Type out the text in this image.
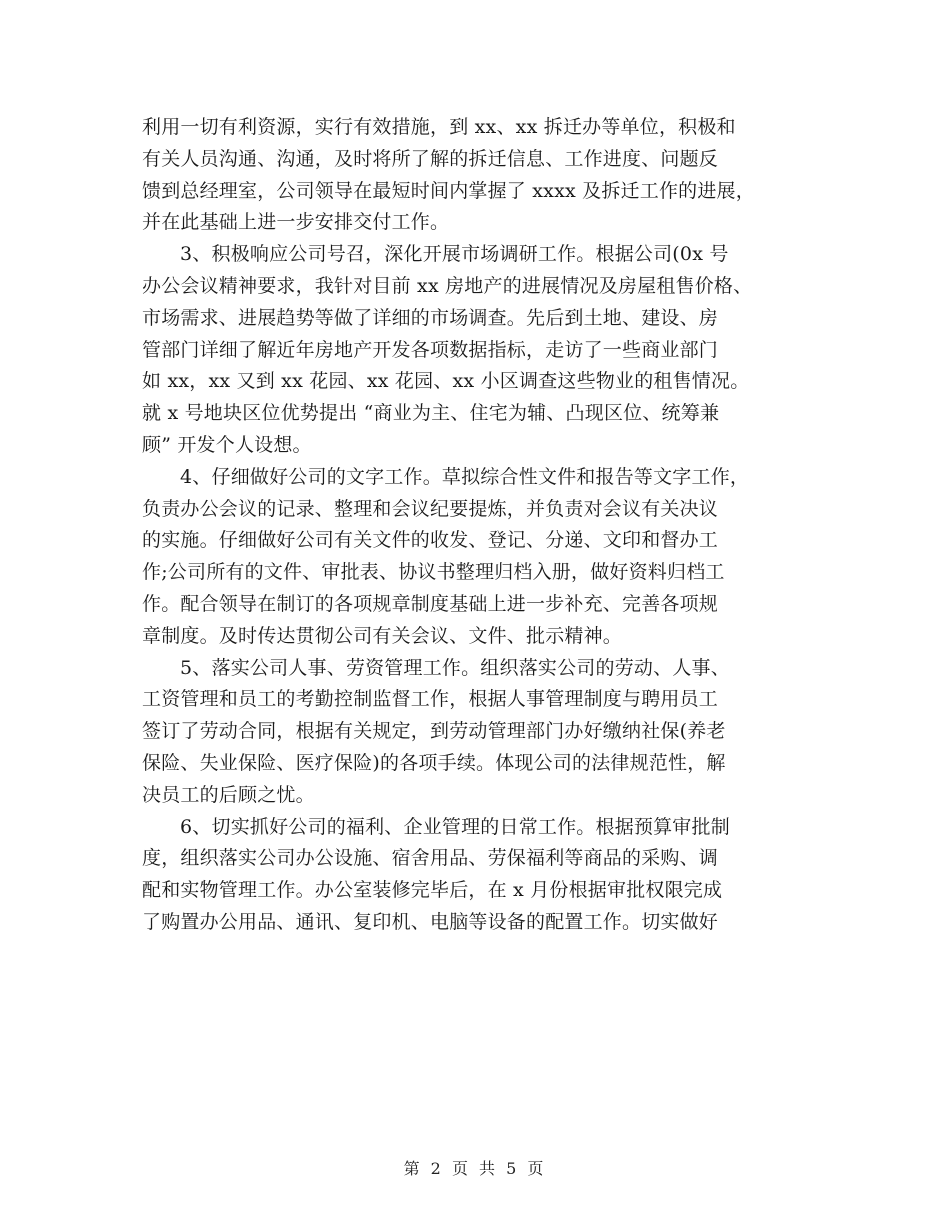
利用一切有利资源，实行有效措施，到 xx、xx 拆迁办等单位，积极和
有关人员沟通、沟通，及时将所了解的拆迁信息、工作进度、问题反
馈到总经理室，公司领导在最短时间内掌握了 xxxx 及拆迁工作的进展，
并在此基础上进一步安排交付工作。
3、积极响应公司号召，深化开展市场调研工作。根据公司(0x 号
办公会议精神要求，我针对目前 xx 房地产的进展情况及房屋租售价格、
市场需求、进展趋势等做了详细的市场调查。先后到土地、建设、房
管部门详细了解近年房地产开发各项数据指标，走访了一些商业部门
如 xx，xx 又到 xx 花园、xx 花园、xx 小区调查这些物业的租售情况。
就 x 号地块区位优势提出 “商业为主、住宅为辅、凸现区位、统筹兼
顾” 开发个人设想。
4、仔细做好公司的文字工作。草拟综合性文件和报告等文字工作，
负责办公会议的记录、整理和会议纪要提炼，并负责对会议有关决议
的实施。仔细做好公司有关文件的收发、登记、分递、文印和督办工
作;公司所有的文件、审批表、协议书整理归档入册，做好资料归档工
作。配合领导在制订的各项规章制度基础上进一步补充、完善各项规
章制度。及时传达贯彻公司有关会议、文件、批示精神。
5、落实公司人事、劳资管理工作。组织落实公司的劳动、人事、
工资管理和员工的考勤控制监督工作，根据人事管理制度与聘用员工
签订了劳动合同，根据有关规定，到劳动管理部门办好缴纳社保(养老
保险、失业保险、医疗保险)的各项手续。体现公司的法律规范性，解
决员工的后顾之忧。
6、切实抓好公司的福利、企业管理的日常工作。根据预算审批制
度，组织落实公司办公设施、宿舍用品、劳保福利等商品的采购、调
配和实物管理工作。办公室装修完毕后，在 x 月份根据审批权限完成
了购置办公用品、通讯、复印机、电脑等设备的配置工作。切实做好
第 2 页 共 5 页
